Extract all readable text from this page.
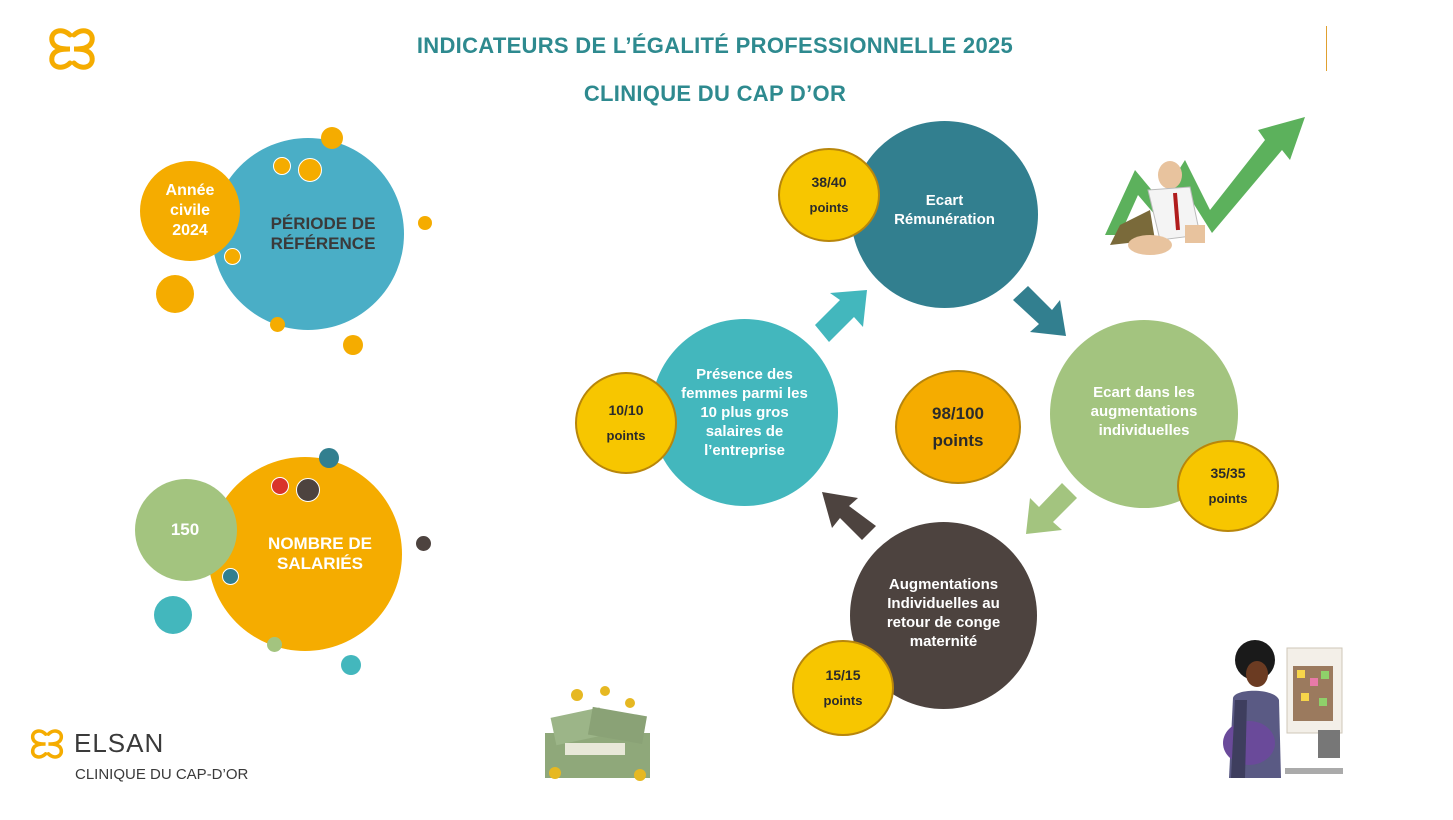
INDICATEURS DE L’ÉGALITÉ PROFESSIONNELLE 2025
CLINIQUE DU CAP D’OR
PÉRIODE DE RÉFÉRENCE
Année civile 2024
NOMBRE DE SALARIÉS
150
Ecart Rémunération
38/40
points
Ecart dans les augmentations individuelles
35/35
points
Augmentations Individuelles au retour de conge maternité
15/15
points
Présence des femmes parmi les 10 plus gros salaires de l’entreprise
10/10
points
98/100
points
ELSAN
CLINIQUE DU CAP-D’OR
